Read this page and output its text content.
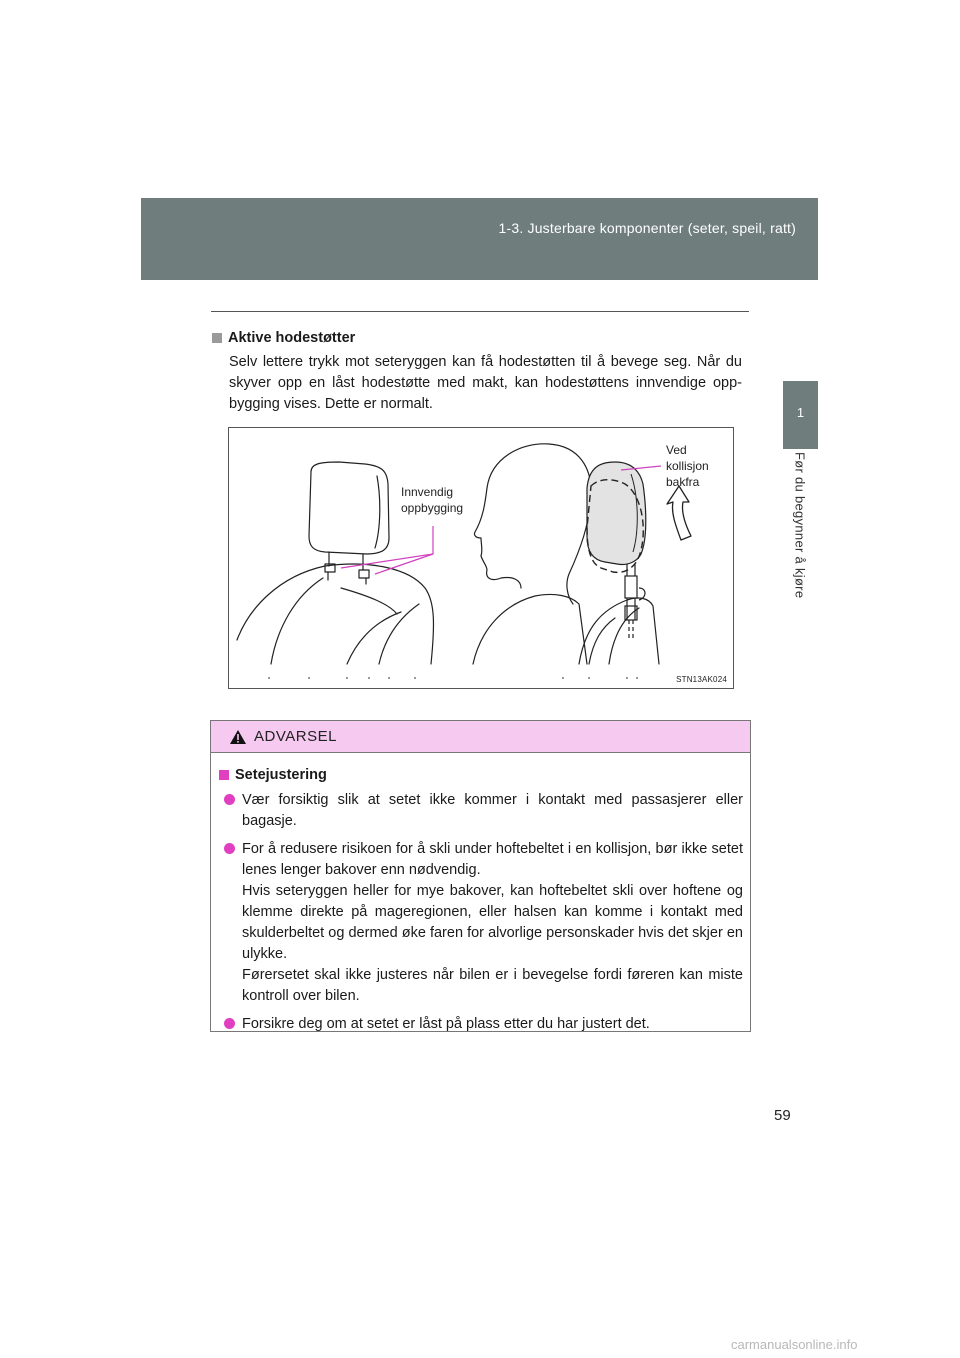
1-3. Justerbare komponenter (seter, speil, ratt)
1
Før du begynner å kjøre
Aktive hodestøtter
Selv lettere trykk mot seteryggen kan få hodestøtten til å bevege seg. Når du skyver opp en låst hodestøtte med makt, kan hodestøttens innvendige opp-bygging vises. Dette er normalt.
Innvendig
oppbygging
Ved
kollisjon
bakfra
STN13AK024
ADVARSEL
Setejustering
Vær forsiktig slik at setet ikke kommer i kontakt med passasjerer eller bagasje.
For å redusere risikoen for å skli under hoftebeltet i en kollisjon, bør ikke setet lenes lenger bakover enn nødvendig.
Hvis seteryggen heller for mye bakover, kan hoftebeltet skli over hoftene og klemme direkte på mageregionen, eller halsen kan komme i kontakt med skulderbeltet og dermed øke faren for alvorlige personskader hvis det skjer en ulykke.
Førersetet skal ikke justeres når bilen er i bevegelse fordi føreren kan miste kontroll over bilen.
Forsikre deg om at setet er låst på plass etter du har justert det.
59
carmanualsonline.info
